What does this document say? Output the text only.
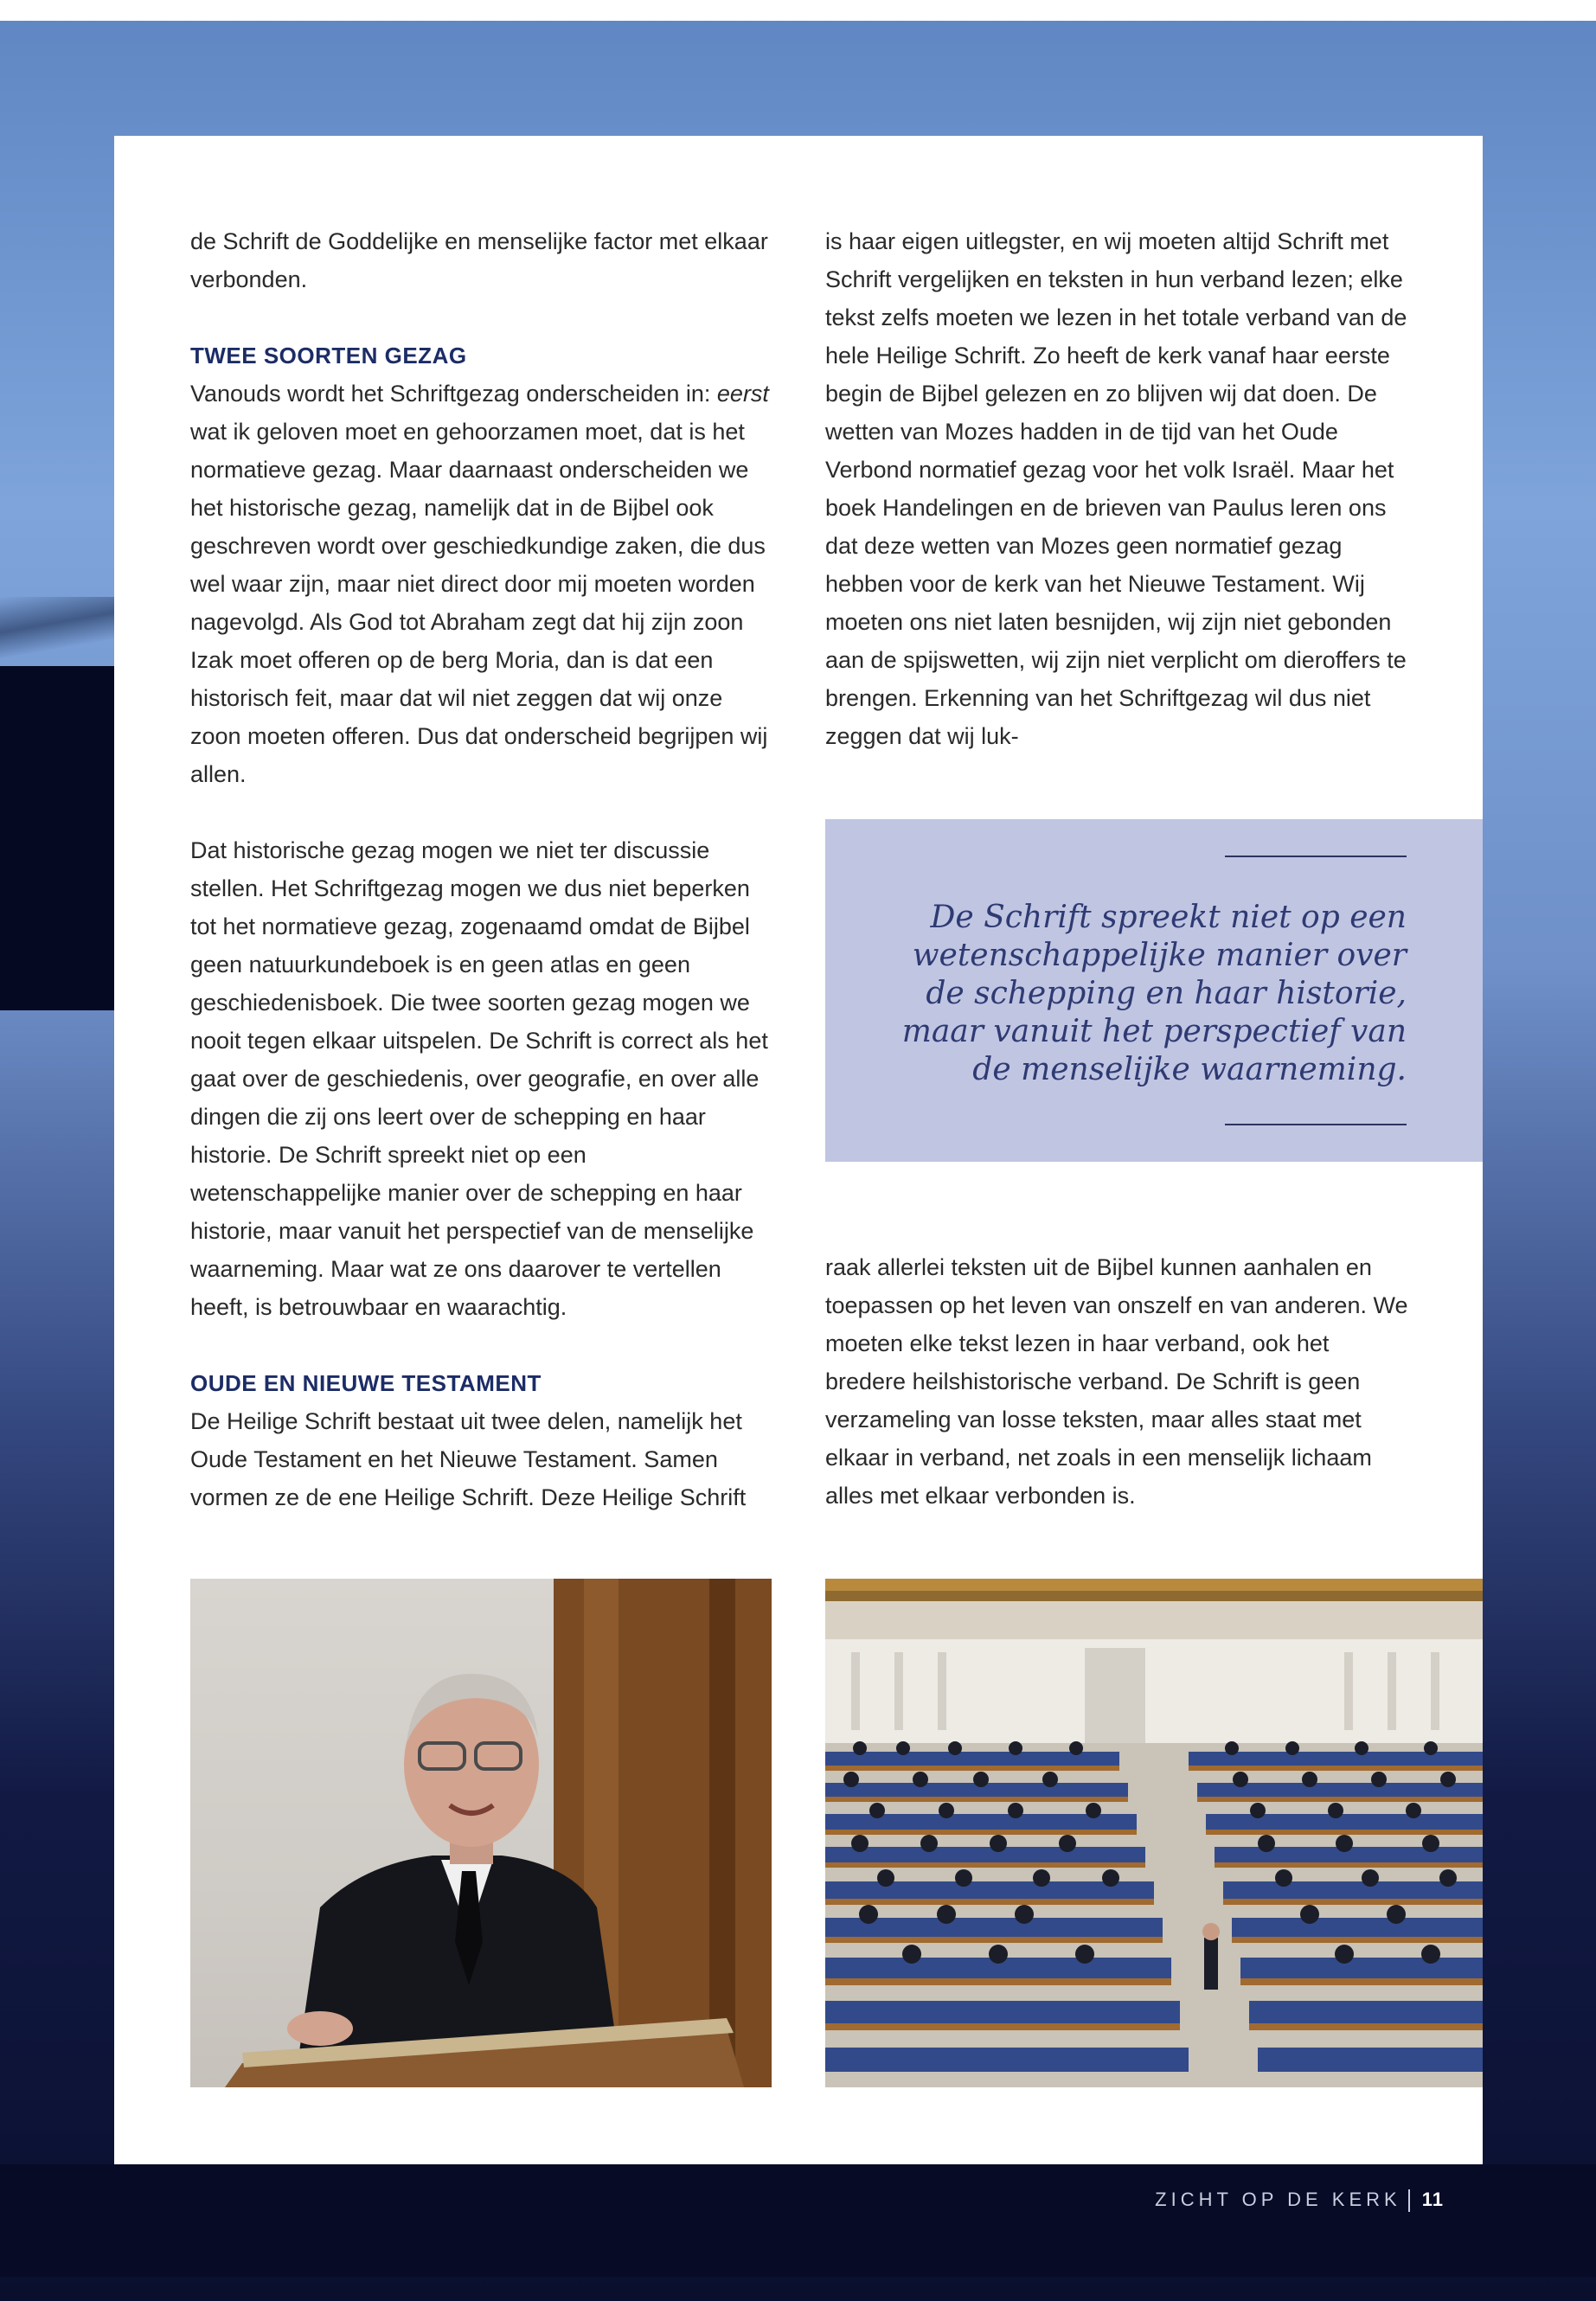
de Schrift de Goddelijke en menselijke factor met elkaar verbonden.

TWEE SOORTEN GEZAG

Vanouds wordt het Schriftgezag onderscheiden in: eerst wat ik geloven moet en gehoorzamen moet, dat is het normatieve gezag. Maar daarnaast onderscheiden we het historische gezag, namelijk dat in de Bijbel ook geschreven wordt over geschiedkundige zaken, die dus wel waar zijn, maar niet direct door mij moeten worden nagevolgd. Als God tot Abraham zegt dat hij zijn zoon Izak moet offeren op de berg Moria, dan is dat een historisch feit, maar dat wil niet zeggen dat wij onze zoon moeten offeren. Dus dat onderscheid begrijpen wij allen.

Dat historische gezag mogen we niet ter discussie stellen. Het Schriftgezag mogen we dus niet beperken tot het normatieve gezag, zogenaamd omdat de Bijbel geen natuurkundeboek is en geen atlas en geen geschiedenisboek. Die twee soorten gezag mogen we nooit tegen elkaar uitspelen. De Schrift is correct als het gaat over de geschiedenis, over geografie, en over alle dingen die zij ons leert over de schepping en haar historie. De Schrift spreekt niet op een wetenschappelijke manier over de schepping en haar historie, maar vanuit het perspectief van de menselijke waarneming. Maar wat ze ons daarover te vertellen heeft, is betrouwbaar en waarachtig.

OUDE EN NIEUWE TESTAMENT

De Heilige Schrift bestaat uit twee delen, namelijk het Oude Testament en het Nieuwe Testament. Samen vormen ze de ene Heilige Schrift. Deze Heilige Schrift

is haar eigen uitlegster, en wij moeten altijd Schrift met Schrift vergelijken en teksten in hun verband lezen; elke tekst zelfs moeten we lezen in het totale verband van de hele Heilige Schrift. Zo heeft de kerk vanaf haar eerste begin de Bijbel gelezen en zo blijven wij dat doen. De wetten van Mozes hadden in de tijd van het Oude Verbond normatief gezag voor het volk Israël. Maar het boek Handelingen en de brieven van Paulus leren ons dat deze wetten van Mozes geen normatief gezag hebben voor de kerk van het Nieuwe Testament. Wij moeten ons niet laten besnijden, wij zijn niet gebonden aan de spijswetten, wij zijn niet verplicht om dieroffers te brengen. Erkenning van het Schriftgezag wil dus niet zeggen dat wij luk-

De Schrift spreekt niet op een wetenschappelijke manier over de schepping en haar historie, maar vanuit het perspectief van de menselijke waarneming.

raak allerlei teksten uit de Bijbel kunnen aanhalen en toepassen op het leven van onszelf en van anderen. We moeten elke tekst lezen in haar verband, ook het bredere heilshistorische verband. De Schrift is geen verzameling van losse teksten, maar alles staat met elkaar in verband, net zoals in een menselijk lichaam alles met elkaar verbonden is.

ZICHT OP DE KERK 11
